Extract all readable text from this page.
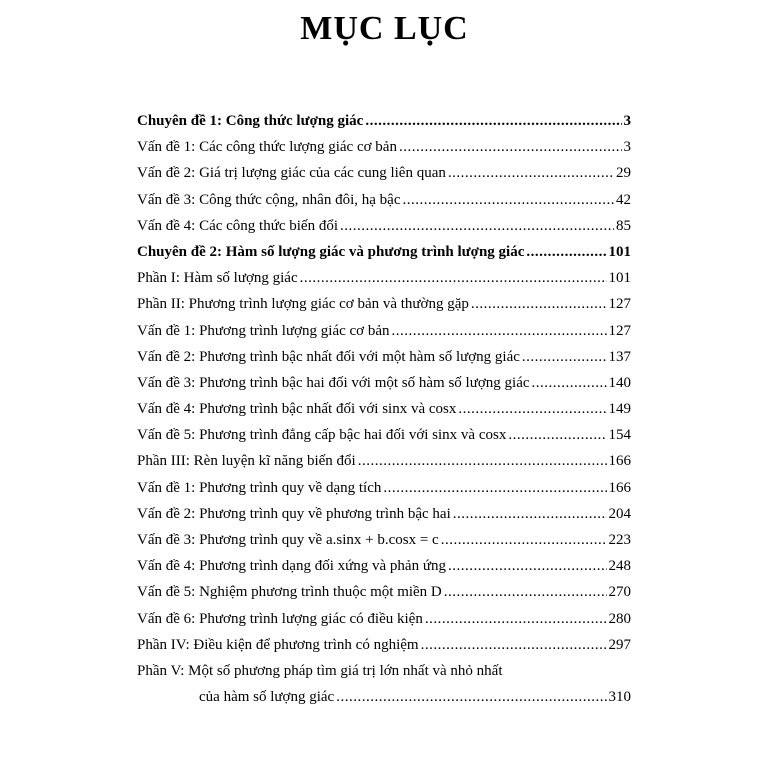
MỤC LỤC
Chuyên đề 1: Công thức lượng giác .....	3
Vấn đề 1: Các công thức lượng giác cơ bản .....	3
Vấn đề 2: Giá trị lượng giác của các cung liên quan .....	29
Vấn đề 3: Công thức cộng, nhân đôi, hạ bậc .....	42
Vấn đề 4: Các công thức biến đổi .....	85
Chuyên đề 2: Hàm số lượng giác và phương trình lượng giác .....	101
Phần I: Hàm số lượng giác .....	101
Phần II: Phương trình lượng giác cơ bản và thường gặp .....	127
Vấn đề 1: Phương trình lượng giác cơ bản .....	127
Vấn đề 2: Phương trình bậc nhất đối với một hàm số lượng giác .....	137
Vấn đề 3: Phương trình bậc hai đối với một số hàm số lượng giác .....	140
Vấn đề 4: Phương trình bậc nhất đối với sinx và cosx .....	149
Vấn đề 5: Phương trình đẳng cấp bậc hai đối với sinx và cosx .....	154
Phần III: Rèn luyện kĩ năng biến đổi .....	166
Vấn đề 1: Phương trình quy về dạng tích .....	166
Vấn đề 2: Phương trình quy về phương trình bậc hai .....	204
Vấn đề 3: Phương trình quy về a.sinx + b.cosx = c .....	223
Vấn đề 4: Phương trình dạng đối xứng và phản ứng .....	248
Vấn đề 5: Nghiệm phương trình thuộc một miền D .....	270
Vấn đề 6: Phương trình lượng giác có điều kiện .....	280
Phần IV: Điều kiện để phương trình có nghiệm .....	297
Phần V: Một số phương pháp tìm giá trị lớn nhất và nhỏ nhất
của hàm số lượng giác .....	310
